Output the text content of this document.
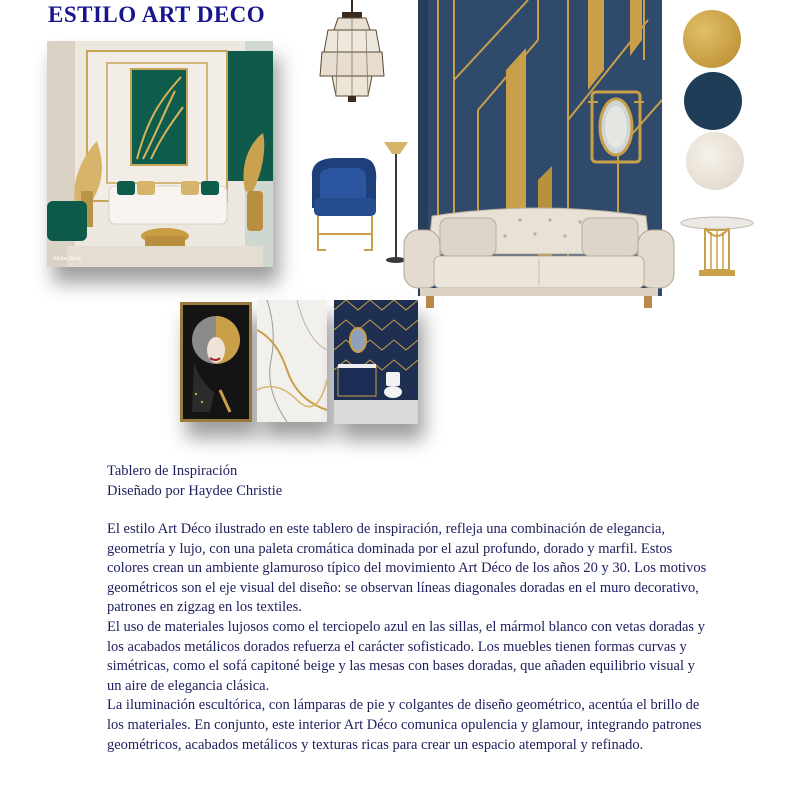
ESTILO ART DECO
Adobe Stock
Tablero de Inspiración
Diseñado por Haydee Christie

El estilo Art Déco ilustrado en este tablero de inspiración, refleja una combinación de elegancia, geometría y lujo, con una paleta cromática dominada por el azul profundo, dorado y marfil. Estos colores crean un ambiente glamuroso típico del movimiento Art Déco de los años 20 y 30. Los motivos geométricos son el eje visual del diseño: se observan líneas diagonales doradas en el muro decorativo, patrones en zigzag en los textiles.

El uso de materiales lujosos como el terciopelo azul en las sillas, el mármol blanco con vetas doradas y los acabados metálicos dorados refuerza el carácter sofisticado. Los muebles tienen formas curvas y simétricas, como el sofá capitoné beige y las mesas con bases doradas, que añaden equilibrio visual y un aire de elegancia clásica.

La iluminación escultórica, con lámparas de pie y colgantes de diseño geométrico, acentúa el brillo de los materiales. En conjunto, este interior Art Déco comunica opulencia y glamour, integrando patrones geométricos, acabados metálicos y texturas ricas para crear un espacio atemporal y refinado.
